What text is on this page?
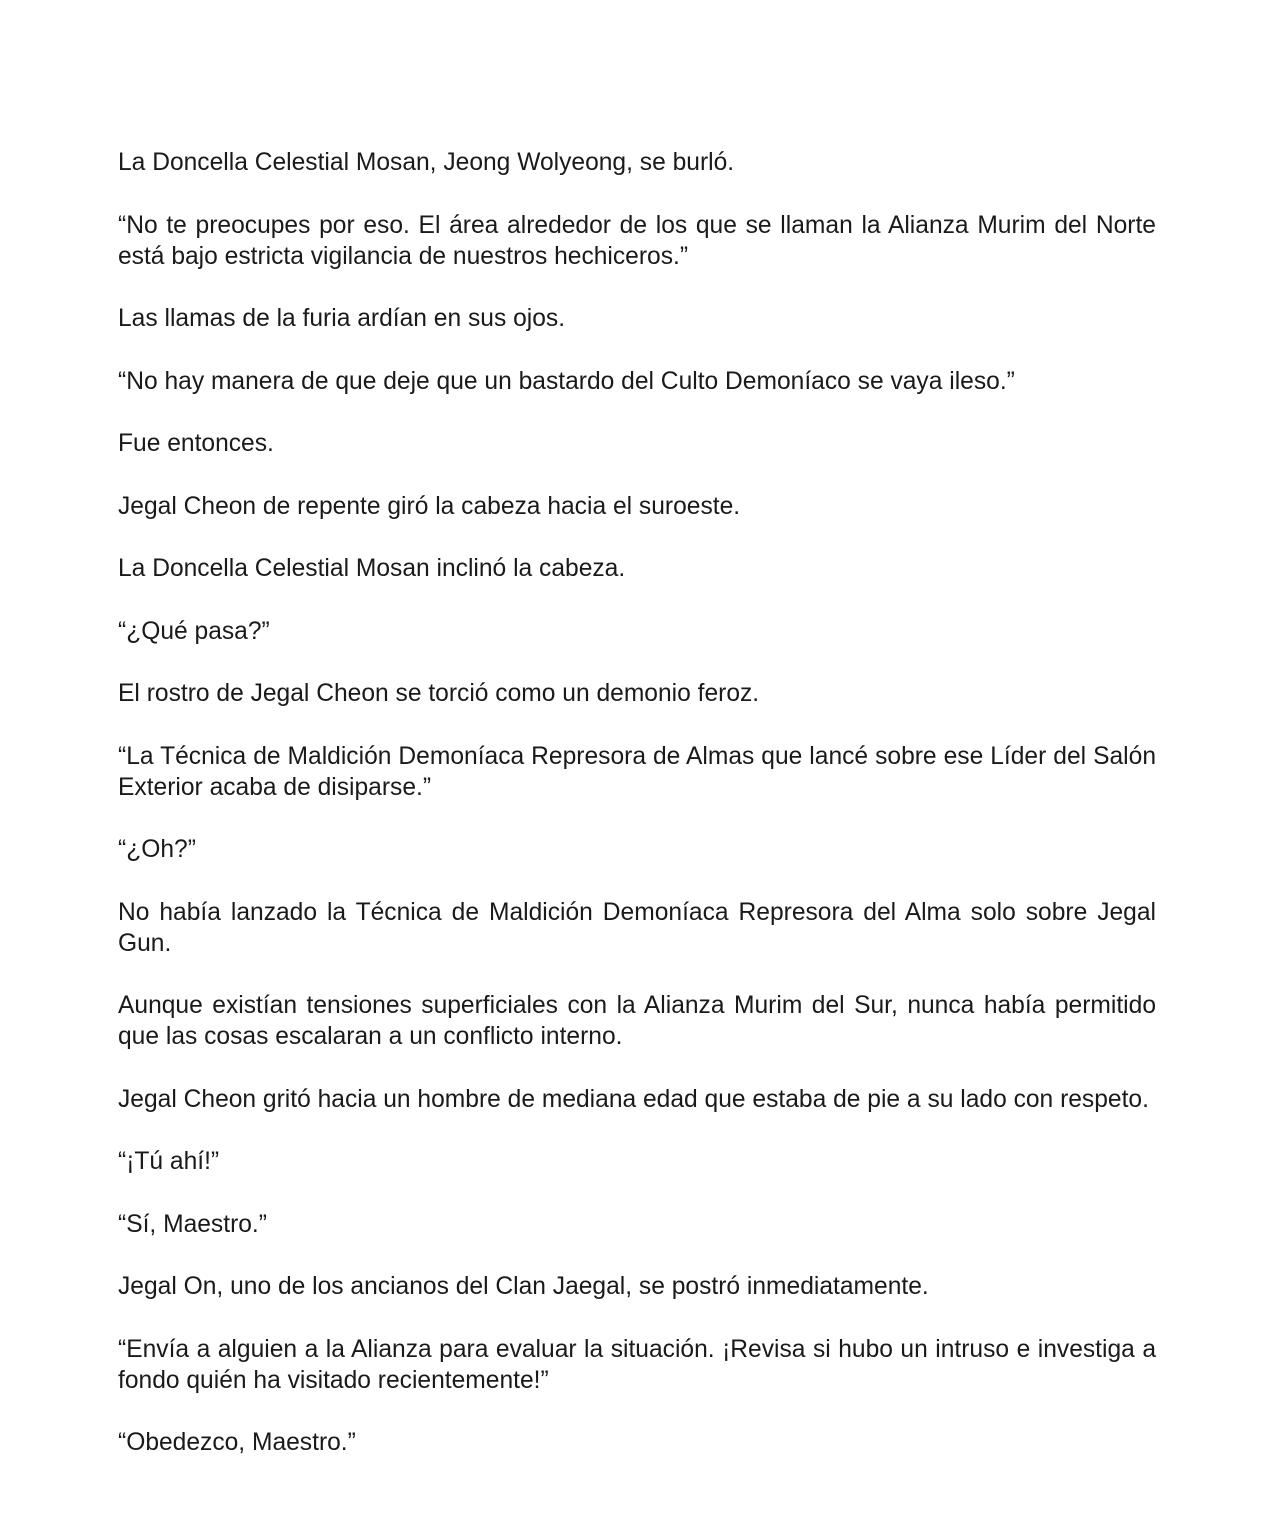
La Doncella Celestial Mosan, Jeong Wolyeong, se burló.

“No te preocupes por eso. El área alrededor de los que se llaman la Alianza Murim del Norte está bajo estricta vigilancia de nuestros hechiceros.”

Las llamas de la furia ardían en sus ojos.

“No hay manera de que deje que un bastardo del Culto Demoníaco se vaya ileso.”

Fue entonces.

Jegal Cheon de repente giró la cabeza hacia el suroeste.

La Doncella Celestial Mosan inclinó la cabeza.

“¿Qué pasa?”

El rostro de Jegal Cheon se torció como un demonio feroz.

“La Técnica de Maldición Demoníaca Represora de Almas que lancé sobre ese Líder del Salón Exterior acaba de disiparse.”

“¿Oh?”

No había lanzado la Técnica de Maldición Demoníaca Represora del Alma solo sobre Jegal Gun.

Aunque existían tensiones superficiales con la Alianza Murim del Sur, nunca había permitido que las cosas escalaran a un conflicto interno.

Jegal Cheon gritó hacia un hombre de mediana edad que estaba de pie a su lado con respeto.

“¡Tú ahí!”

“Sí, Maestro.”

Jegal On, uno de los ancianos del Clan Jaegal, se postró inmediatamente.

“Envía a alguien a la Alianza para evaluar la situación. ¡Revisa si hubo un intruso e investiga a fondo quién ha visitado recientemente!”

“Obedezco, Maestro.”
